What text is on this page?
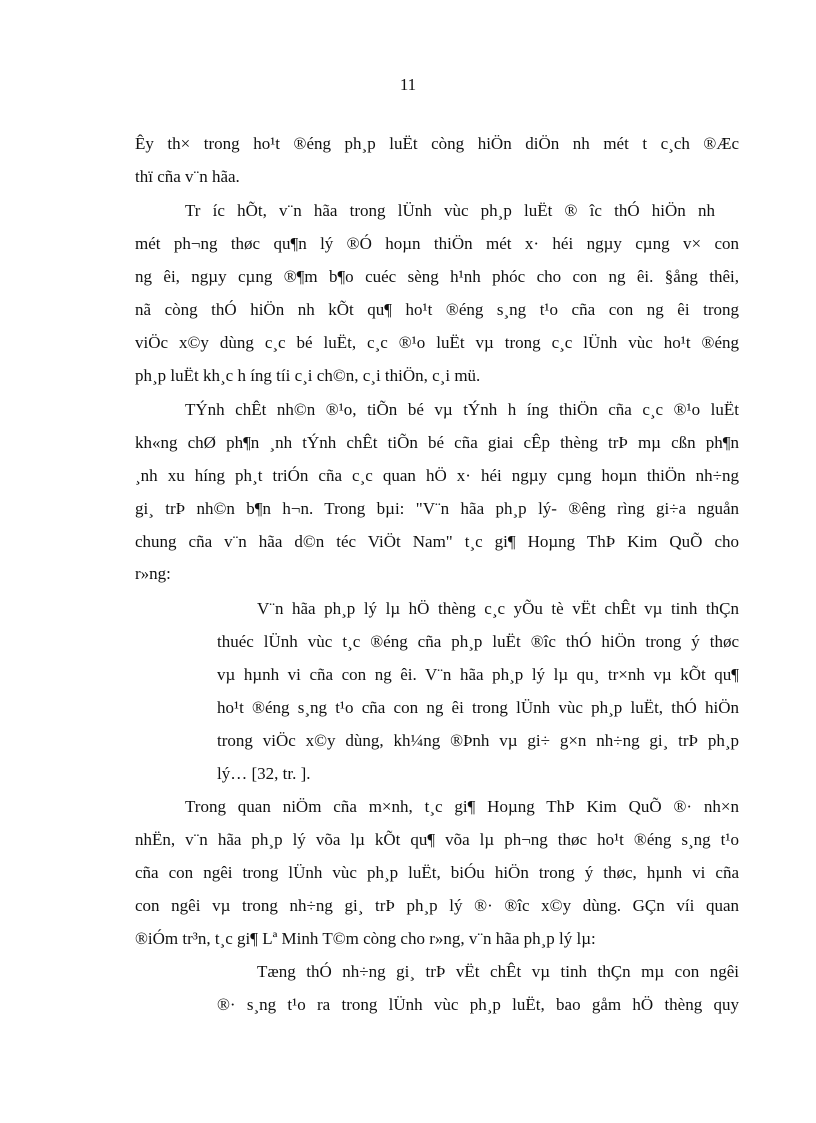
11
Êy th× trong ho¹t ®éng ph¸p luËt còng hiÖn diÖn nh mét t c¸ch ®Æc
thï cña v¨n hãa.
Tr íc hÕt, v¨n hãa trong lÜnh vùc ph¸p luËt ® îc thÓ hiÖn nh
mét ph¬ng thøc qu¶n lý ®Ó hoµn thiÖn mét x· héi ngµy cµng v× con
ng êi, ngµy cµng ®¶m b¶o cuéc sèng h¹nh phóc cho con ng êi. §ång thêi,
nã còng thÓ hiÖn nh kÕt qu¶ ho¹t ®éng s¸ng t¹o cña con ng êi trong
viÖc x©y dùng c¸c bé luËt, c¸c ®¹o luËt vµ trong c¸c lÜnh vùc ho¹t ®éng
ph¸p luËt kh¸c h íng tíi c¸i ch©n, c¸i thiÖn, c¸i mü.
TÝnh chÊt nh©n ®¹o, tiÕn bé vµ tÝnh h íng thiÖn cña c¸c ®¹o luËt
kh«ng chØ ph¶n ¸nh tÝnh chÊt tiÕn bé cña giai cÊp thèng trÞ mµ cßn ph¶n
¸nh xu híng ph¸t triÓn cña c¸c quan hÖ x· héi ngµy cµng hoµn thiÖn nh÷ng
gi¸ trÞ nh©n b¶n h¬n. Trong bµi: "V¨n hãa ph¸p lý- ®êng rìng gi÷a nguån
chung cña v¨n hãa d©n téc ViÖt Nam" t¸c gi¶ Hoµng ThÞ Kim QuÕ cho
r»ng:
V¨n hãa ph¸p lý lµ hÖ thèng c¸c yÕu tè vËt chÊt vµ tinh thÇn
thuéc lÜnh vùc t¸c ®éng cña ph¸p luËt ®îc thÓ hiÖn trong ý thøc
vµ hµnh vi cña con ng êi. V¨n hãa ph¸p lý lµ qu¸ tr×nh vµ kÕt qu¶
ho¹t ®éng s¸ng t¹o cña con ng êi trong lÜnh vùc ph¸p luËt, thÓ hiÖn
trong viÖc x©y dùng, kh¼ng ®Þnh vµ gi÷ g×n nh÷ng gi¸ trÞ ph¸p
lý… [32, tr. ].
Trong quan niÖm cña m×nh, t¸c gi¶ Hoµng ThÞ Kim QuÕ ®· nh×n
nhËn, v¨n hãa ph¸p lý võa lµ kÕt qu¶ võa lµ ph¬ng thøc ho¹t ®éng s¸ng t¹o
cña con ngêi trong lÜnh vùc ph¸p luËt, biÓu hiÖn trong ý thøc, hµnh vi cña
con ngêi vµ trong nh÷ng gi¸ trÞ ph¸p lý ®· ®îc x©y dùng. GÇn víi quan
®iÓm tr³n, t¸c gi¶ Lª Minh T©m còng cho r»ng, v¨n hãa ph¸p lý lµ:
Tæng thÓ nh÷ng gi¸ trÞ vËt chÊt vµ tinh thÇn mµ con ngêi
®· s¸ng t¹o ra trong lÜnh vùc ph¸p luËt, bao gåm hÖ thèng quy
